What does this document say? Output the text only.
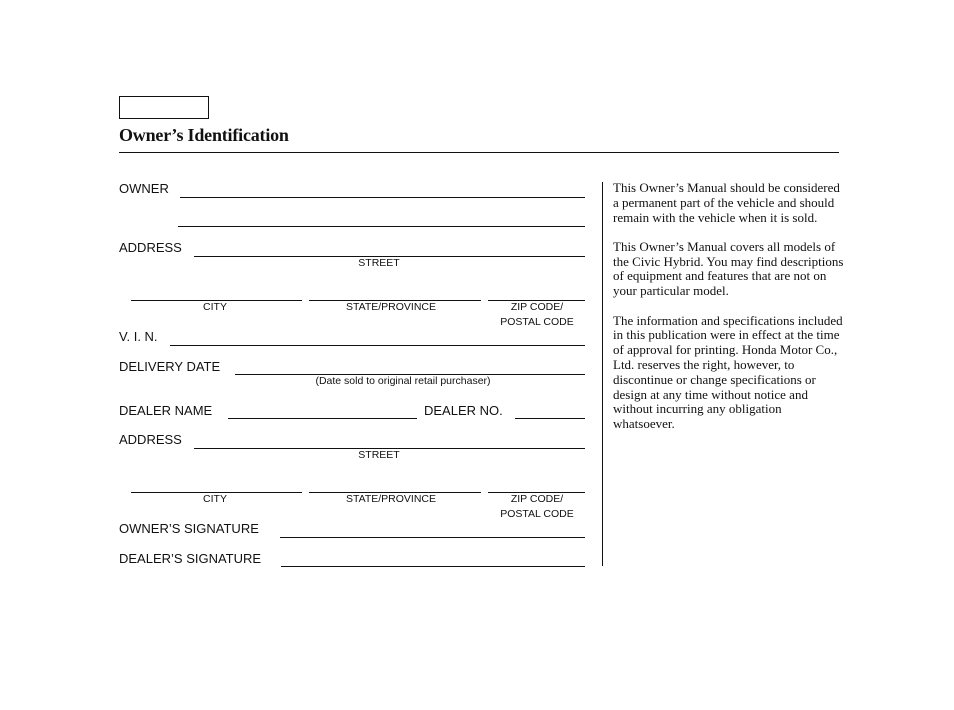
Owner’s Identification
OWNER
ADDRESS
STREET
CITY	STATE/PROVINCE	ZIP CODE/
POSTAL CODE
V. I. N.
DELIVERY DATE
(Date sold to original retail purchaser)
DEALER NAME	DEALER NO.
ADDRESS
STREET
CITY	STATE/PROVINCE	ZIP CODE/
POSTAL CODE
OWNER’S SIGNATURE
DEALER’S SIGNATURE

This Owner’s Manual should be considered a permanent part of the vehicle and should remain with the vehicle when it is sold.

This Owner’s Manual covers all models of the Civic Hybrid. You may find descriptions of equipment and features that are not on your particular model.

The information and specifications included in this publication were in effect at the time of approval for printing. Honda Motor Co., Ltd. reserves the right, however, to discontinue or change specifications or design at any time without notice and without incurring any obligation whatsoever.
